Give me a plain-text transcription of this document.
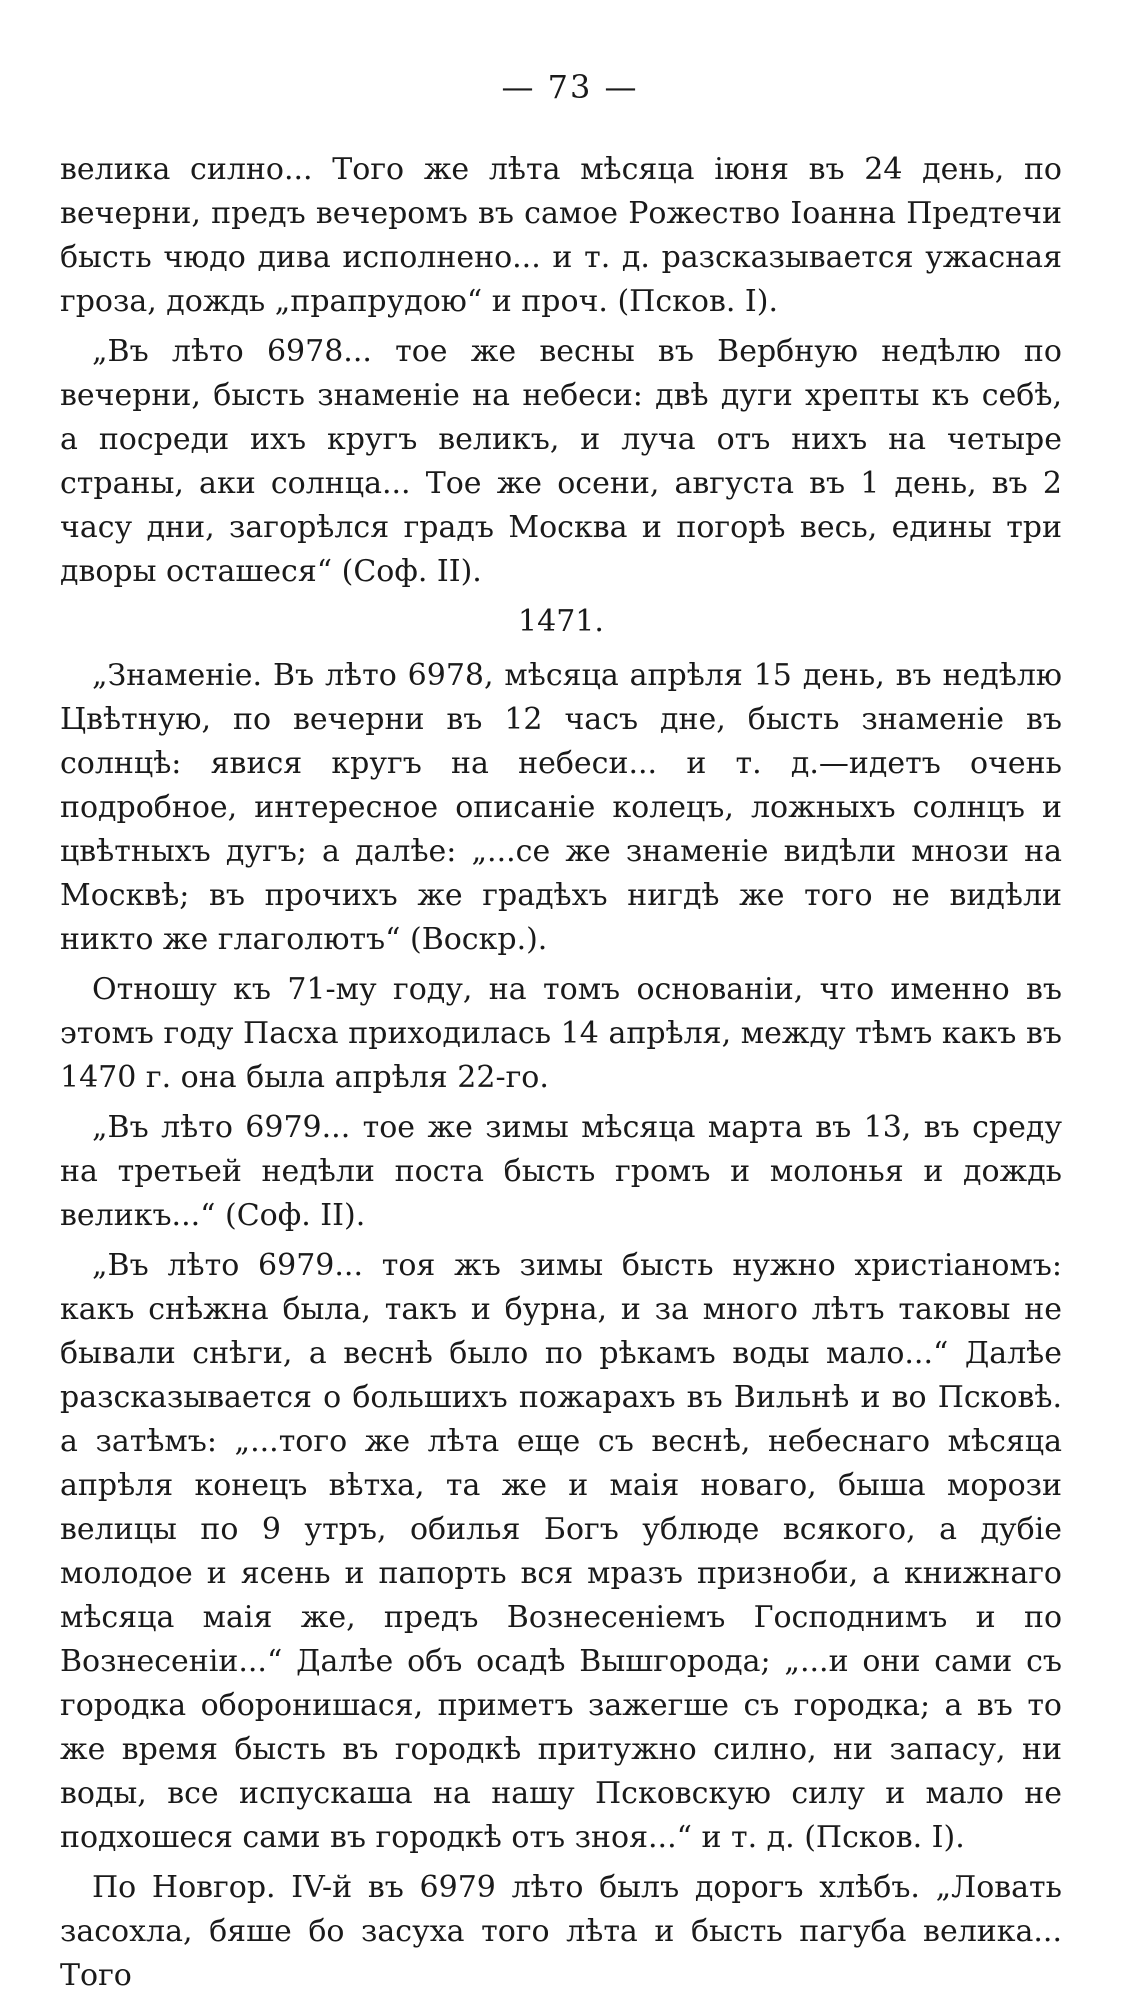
— 73 —

велика силно... Того же лѣта мѣсяца іюня въ 24 день, по вечерни, предъ вечеромъ въ самое Рожество Іоанна Предтечи бысть чюдо дива исполнено... и т. д. разсказывается ужасная гроза, дождь „прапрудою“ и проч. (Псков. I).

„Въ лѣто 6978... тое же весны въ Вербную недѣлю по вечерни, бысть знаменіе на небеси: двѣ дуги хрепты къ себѣ, а посреди ихъ кругъ великъ, и луча отъ нихъ на четыре страны, аки солнца... Тое же осени, августа въ 1 день, въ 2 часу дни, загорѣлся градъ Москва и погорѣ весь, едины три дворы осташеся“ (Соф. II).

1471.

„Знаменіе. Въ лѣто 6978, мѣсяца апрѣля 15 день, въ недѣлю Цвѣтную, по вечерни въ 12 часъ дне, бысть знаменіе въ солнцѣ: явися кругъ на небеси... и т. д.—идетъ очень подробное, интересное описаніе колецъ, ложныхъ солнцъ и цвѣтныхъ дугъ; а далѣе: „...се же знаменіе видѣли мнози на Москвѣ; въ прочихъ же градѣхъ нигдѣ же того не видѣли никто же глаголютъ“ (Воскр.).

Отношу къ 71-му году, на томъ основаніи, что именно въ этомъ году Пасха приходилась 14 апрѣля, между тѣмъ какъ въ 1470 г. она была апрѣля 22-го.

„Въ лѣто 6979... тое же зимы мѣсяца марта въ 13, въ среду на третьей недѣли поста бысть громъ и молонья и дождь великъ...“ (Соф. II).

„Въ лѣто 6979... тоя жъ зимы бысть нужно христіаномъ: какъ снѣжна была, такъ и бурна, и за много лѣтъ таковы не бывали снѣги, а веснѣ было по рѣкамъ воды мало...“ Далѣе разсказывается о большихъ пожарахъ въ Вильнѣ и во Псковѣ. а затѣмъ: „...того же лѣта еще съ веснѣ, небеснаго мѣсяца апрѣля конецъ вѣтха, та же и маія новаго, быша морози велицы по 9 утръ, обилья Богъ ублюде всякого, а дубіе молодое и ясень и папорть вся мразъ признoби, а книжнаго мѣсяца маія же, предъ Вознесеніемъ Господнимъ и по Вознесеніи...“ Далѣе объ осадѣ Вышгорода; „...и они сами съ городка оборонишася, приметъ зажегше съ городка; а въ то же время бысть въ городкѣ притужно силно, ни запасу, ни воды, все испускаша на нашу Псковскую силу и мало не подхошеся сами въ городкѣ отъ зноя...“ и т. д. (Псков. I).

По Новгор. IV-й въ 6979 лѣто былъ дорогъ хлѣбъ. „Ловать засохла, бяше бо засуха того лѣта и бысть пагуба велика... Того
